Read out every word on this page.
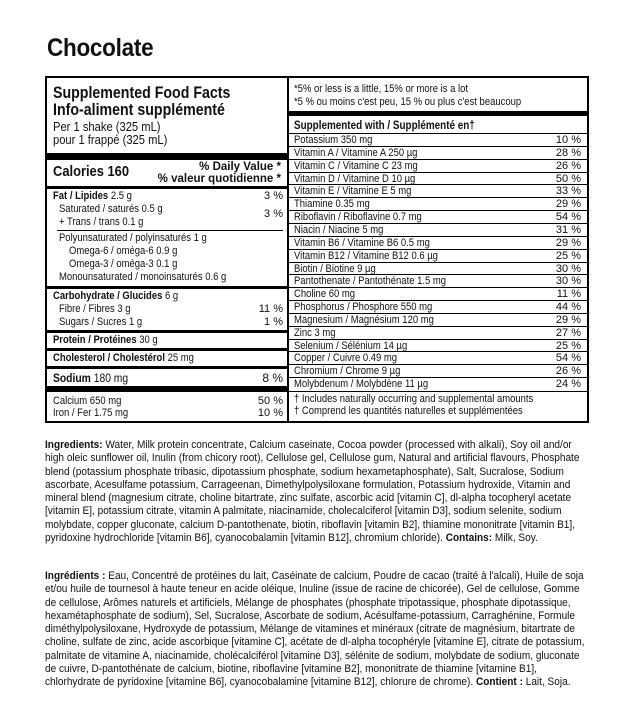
Chocolate
Supplemented Food Facts
Info-aliment supplémenté
Per 1 shake (325 mL)
pour 1 frappé (325 mL)
Calories 160	% Daily Value *
% valeur quotidienne *
Fat / Lipides 2.5 g	3 %
Saturated / saturés 0.5 g	3 %
+ Trans / trans 0.1 g
Polyunsaturated / polyinsaturés 1 g
Omega-6 / oméga-6 0.9 g
Omega-3 / oméga-3 0.1 g
Monounsaturated / monoinsaturés 0.6 g
Carbohydrate / Glucides 6 g
Fibre / Fibres 3 g	11 %
Sugars / Sucres 1 g	1 %
Protein / Protéines 30 g
Cholesterol / Cholestérol 25 mg
Sodium 180 mg	8 %
Calcium 650 mg	50 %
Iron / Fer 1.75 mg	10 %
*5% or less is a little, 15% or more is a lot
*5 % ou moins c'est peu, 15 % ou plus c'est beaucoup
Supplemented with / Supplémenté en†
Potassium 350 mg	10 %
Vitamin A / Vitamine A 250 µg	28 %
Vitamin C / Vitamine C 23 mg	26 %
Vitamin D / Vitamine D 10 µg	50 %
Vitamin E / Vitamine E 5 mg	33 %
Thiamine 0.35 mg	29 %
Riboflavin / Riboflavine 0.7 mg	54 %
Niacin / Niacine 5 mg	31 %
Vitamin B6 / Vitamine B6 0.5 mg	29 %
Vitamin B12 / Vitamine B12 0.6 µg	25 %
Biotin / Biotine 9 µg	30 %
Pantothenate / Pantothénate 1.5 mg	30 %
Choline 60 mg	11 %
Phosphorus / Phosphore 550 mg	44 %
Magnesium / Magnésium 120 mg	29 %
Zinc 3 mg	27 %
Selenium / Sélénium 14 µg	25 %
Copper / Cuivre 0.49 mg	54 %
Chromium / Chrome 9 µg	26 %
Molybdenum / Molybdène 11 µg	24 %
† Includes naturally occurring and supplemental amounts
† Comprend les quantités naturelles et supplémentées

Ingredients: Water, Milk protein concentrate, Calcium caseinate, Cocoa powder (processed with alkali), Soy oil and/or high oleic sunflower oil, Inulin (from chicory root), Cellulose gel, Cellulose gum, Natural and artificial flavours, Phosphate blend (potassium phosphate tribasic, dipotassium phosphate, sodium hexametaphosphate), Salt, Sucralose, Sodium ascorbate, Acesulfame potassium, Carrageenan, Dimethylpolysiloxane formulation, Potassium hydroxide, Vitamin and mineral blend (magnesium citrate, choline bitartrate, zinc sulfate, ascorbic acid [vitamin C], dl-alpha tocopheryl acetate [vitamin E], potassium citrate, vitamin A palmitate, niacinamide, cholecalciferol [vitamin D3], sodium selenite, sodium molybdate, copper gluconate, calcium D-pantothenate, biotin, riboflavin [vitamin B2], thiamine mononitrate [vitamin B1], pyridoxine hydrochloride [vitamin B6], cyanocobalamin [vitamin B12], chromium chloride). Contains: Milk, Soy.

Ingrédients : Eau, Concentré de protéines du lait, Caséinate de calcium, Poudre de cacao (traité à l'alcali), Huile de soja et/ou huile de tournesol à haute teneur en acide oléique, Inuline (issue de racine de chicorée), Gel de cellulose, Gomme de cellulose, Arômes naturels et artificiels, Mélange de phosphates (phosphate tripotassique, phosphate dipotassique, hexamétaphosphate de sodium), Sel, Sucralose, Ascorbate de sodium, Acésulfame-potassium, Carraghénine, Formule diméthylpolysiloxane, Hydroxyde de potassium, Mélange de vitamines et minéraux (citrate de magnésium, bitartrate de choline, sulfate de zinc, acide ascorbique [vitamine C], acétate de dl-alpha tocophéryle [vitamine E], citrate de potassium, palmitate de vitamine A, niacinamide, cholécalciférol [vitamine D3], sélénite de sodium, molybdate de sodium, gluconate de cuivre, D-pantothénate de calcium, biotine, riboflavine [vitamine B2], mononitrate de thiamine [vitamine B1], chlorhydrate de pyridoxine [vitamine B6], cyanocobalamine [vitamine B12], chlorure de chrome). Contient : Lait, Soja.
